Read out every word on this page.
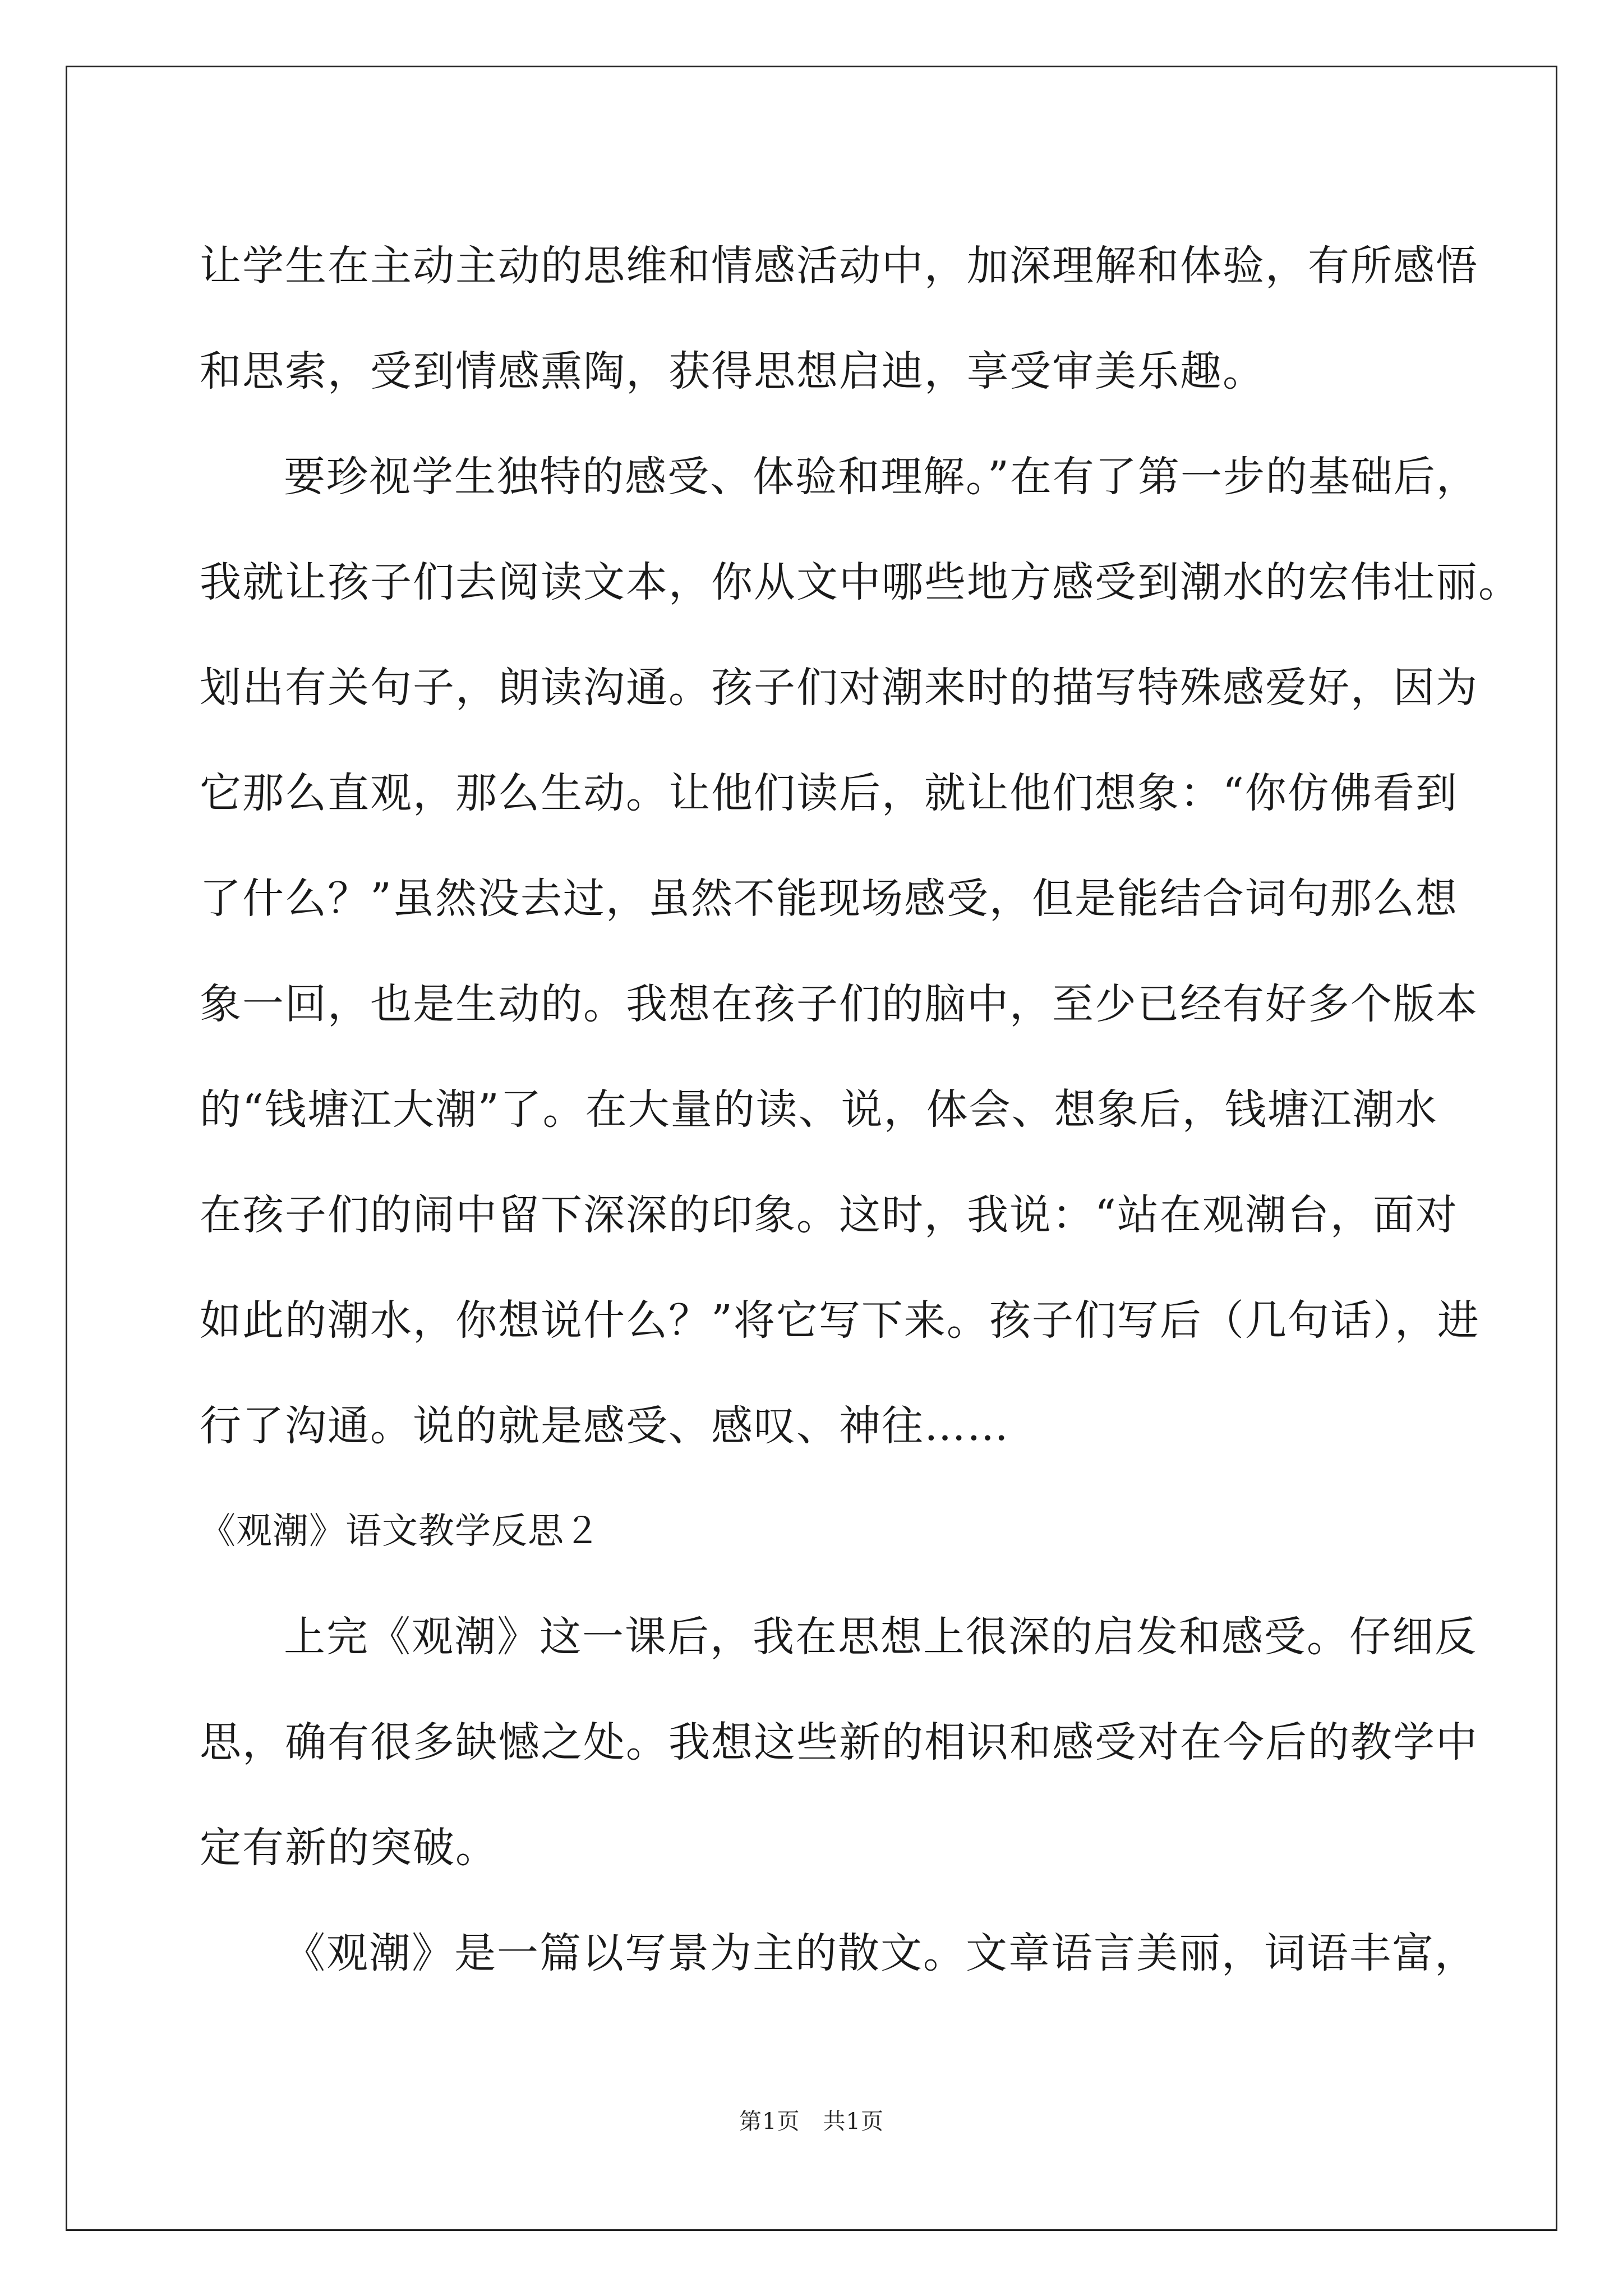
让学生在主动主动的思维和情感活动中，加深理解和体验，有所感悟
和思索，受到情感熏陶，获得思想启迪，享受审美乐趣。
要珍视学生独特的感受、体验和理解。”在有了第一步的基础后，
我就让孩子们去阅读文本，你从文中哪些地方感受到潮水的宏伟壮丽。
划出有关句子，朗读沟通。孩子们对潮来时的描写特殊感爱好，因为
它那么直观，那么生动。让他们读后，就让他们想象：“你仿佛看到
了什么？”虽然没去过，虽然不能现场感受，但是能结合词句那么想
象一回，也是生动的。我想在孩子们的脑中，至少已经有好多个版本
的“钱塘江大潮”了。在大量的读、说，体会、想象后，钱塘江潮水
在孩子们的闹中留下深深的印象。这时，我说：“站在观潮台，面对
如此的潮水，你想说什么？”将它写下来。孩子们写后（几句话），进
行了沟通。说的就是感受、感叹、神往……
《观潮》语文教学反思２
上完《观潮》这一课后，我在思想上很深的启发和感受。仔细反
思，确有很多缺憾之处。我想这些新的相识和感受对在今后的教学中
定有新的突破。
《观潮》是一篇以写景为主的散文。文章语言美丽，词语丰富，
第1页　共1页
